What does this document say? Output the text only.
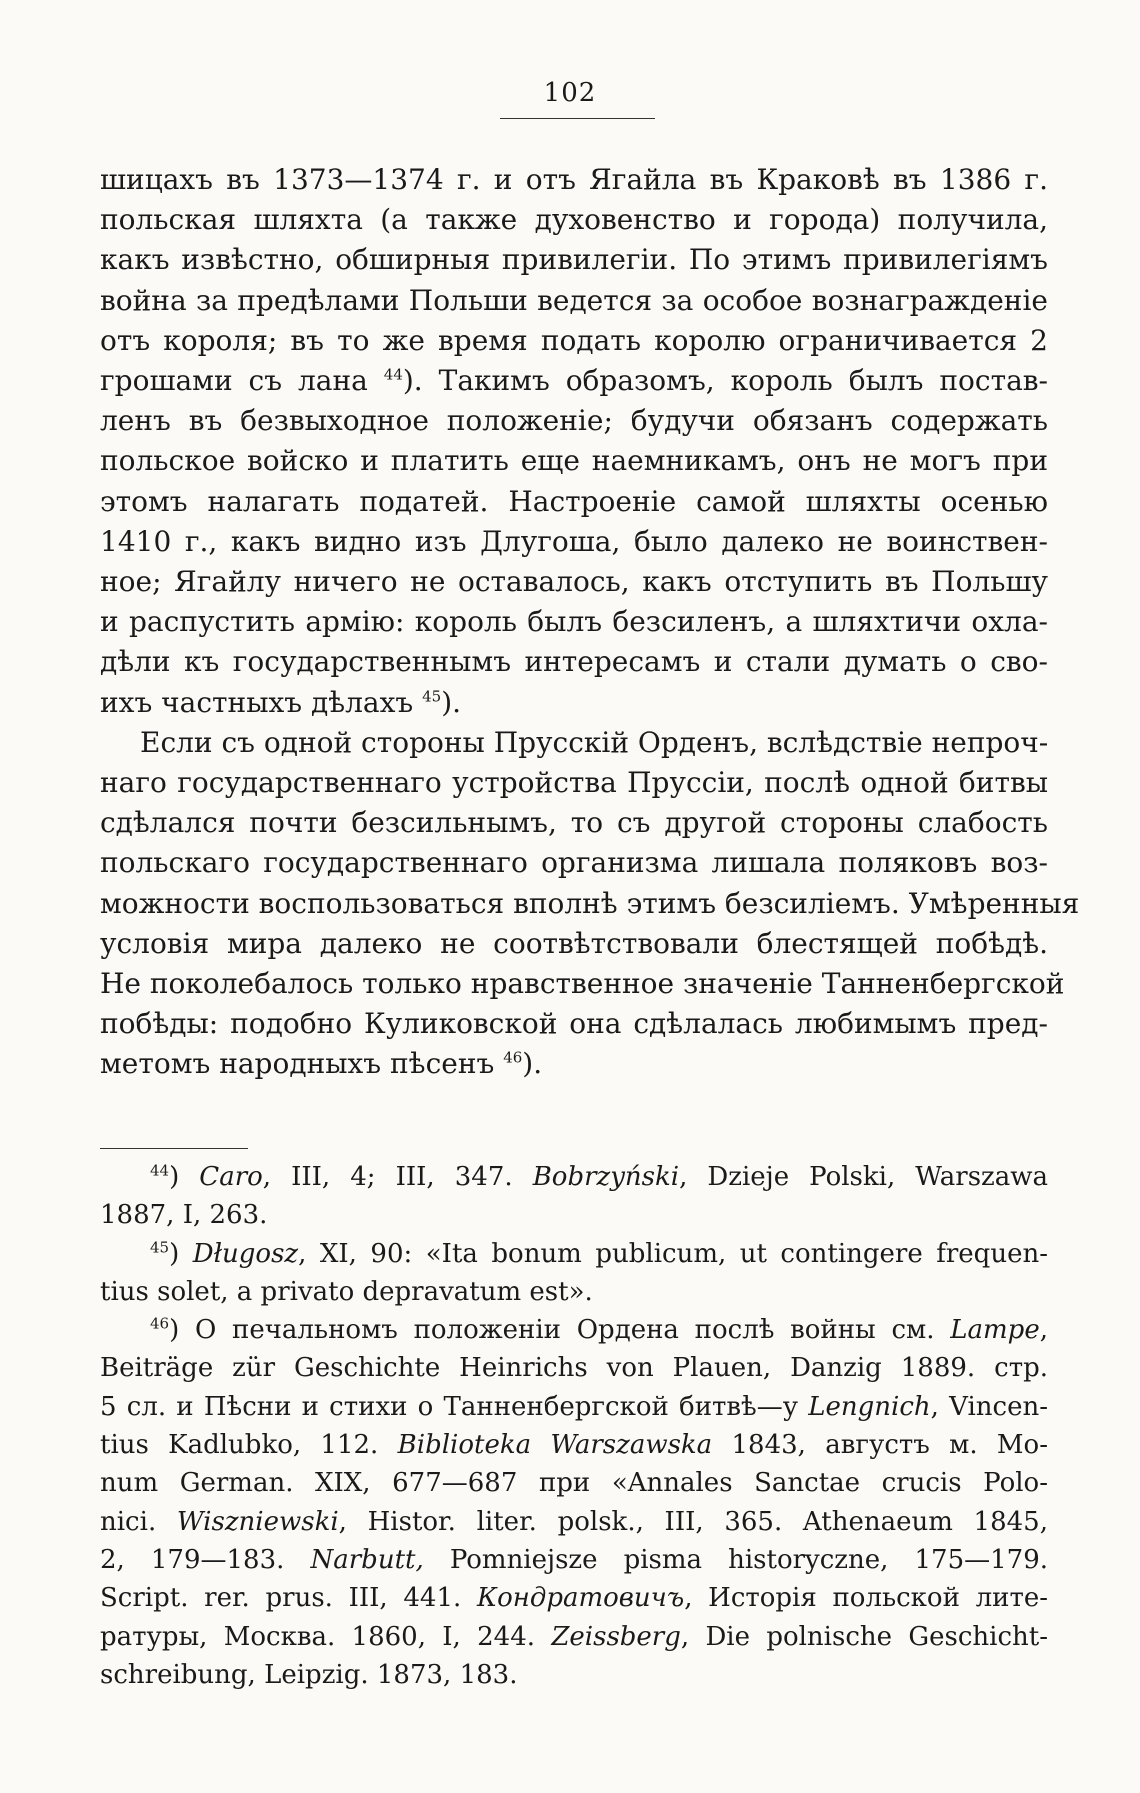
102
шицахъ въ 1373—1374 г. и отъ Ягайла въ Краковѣ въ 1386 г.
польская шляхта (а также духовенство и города) получила,
какъ извѣстно, обширныя привилегіи. По этимъ привилегіямъ
война за предѣлами Польши ведется за особое вознагражденіе
отъ короля; въ то же время подать королю ограничивается 2
грошами съ лана $^{44}$). Такимъ образомъ, король былъ постав-
ленъ въ безвыходное положеніе; будучи обязанъ содержать
польское войско и платить еще наемникамъ, онъ не могъ при
этомъ налагать податей. Настроеніе самой шляхты осенью
1410 г., какъ видно изъ Длугоша, было далеко не воинствен-
ное; Ягайлу ничего не оставалось, какъ отступить въ Польшу
и распустить армію: король былъ безсиленъ, а шляхтичи охла-
дѣли къ государственнымъ интересамъ и стали думать о сво-
ихъ частныхъ дѣлахъ $^{45}$).
Если съ одной стороны Прусскій Орденъ, вслѣдствіе непроч-
наго государственнаго устройства Пруссіи, послѣ одной битвы
сдѣлался почти безсильнымъ, то съ другой стороны слабость
польскаго государственнаго организма лишала поляковъ воз-
можности воспользоваться вполнѣ этимъ безсиліемъ. Умѣренныя
условія мира далеко не соотвѣтствовали блестящей побѣдѣ.
Не поколебалось только нравственное значеніе Танненбергской
побѣды: подобно Куликовской она сдѣлалась любимымъ пред-
метомъ народныхъ пѣсенъ $^{46}$).
$^{44}$) Caro, III, 4; III, 347. Bobrzyński, Dzieje Polski, Warszawa
1887, I, 263.
$^{45}$) Długosz, XI, 90: «Ita bonum publicum, ut contingere frequen-
tius solet, a privato depravatum est».
$^{46}$) О печальномъ положеніи Ордена послѣ войны см. Lampe,
Beiträge zür Geschichte Heinrichs von Plauen, Danzig 1889. стр.
5 сл. и Пѣсни и стихи о Танненбергской битвѣ—у Lengnich, Vincen-
tius Kadlubko, 112. Biblioteka Warszawska 1843, августъ м. Mo-
num German. XIX, 677—687 при «Annales Sanctae crucis Polo-
nici. Wiszniewski, Histor. liter. polsk., III, 365. Athenaeum 1845,
2, 179—183. Narbutt, Pomniejsze pisma historyczne, 175—179.
Script. rer. prus. III, 441. Кондратовичъ, Исторія польской лите-
ратуры, Москва. 1860, I, 244. Zeissberg, Die polnische Geschicht-
schreibung, Leipzig. 1873, 183.
